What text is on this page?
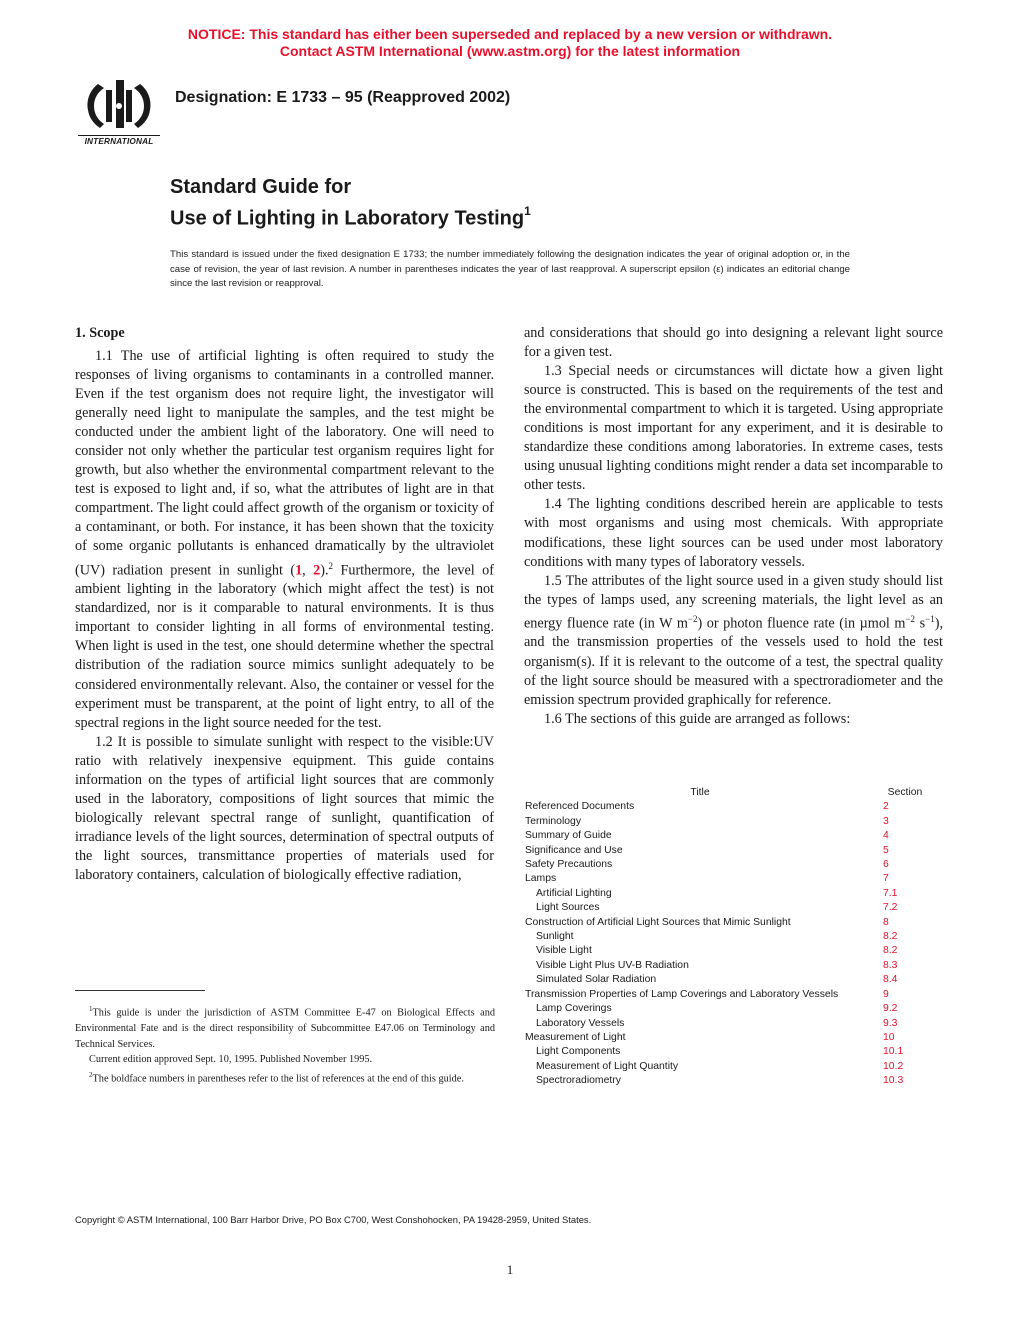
NOTICE: This standard has either been superseded and replaced by a new version or withdrawn.
Contact ASTM International (www.astm.org) for the latest information
INTERNATIONAL
Designation: E 1733 – 95 (Reapproved 2002)
Standard Guide for
Use of Lighting in Laboratory Testing$^1$
This standard is issued under the fixed designation E 1733; the number immediately following the designation indicates the year of original adoption or, in the case of revision, the year of last revision. A number in parentheses indicates the year of last reapproval. A superscript epsilon (ε) indicates an editorial change since the last revision or reapproval.
1. Scope

1.1 The use of artificial lighting is often required to study the responses of living organisms to contaminants in a controlled manner. Even if the test organism does not require light, the investigator will generally need light to manipulate the samples, and the test might be conducted under the ambient light of the laboratory. One will need to consider not only whether the particular test organism requires light for growth, but also whether the environmental compartment relevant to the test is exposed to light and, if so, what the attributes of light are in that compartment. The light could affect growth of the organism or toxicity of a contaminant, or both. For instance, it has been shown that the toxicity of some organic pollutants is enhanced dramatically by the ultraviolet (UV) radiation present in sunlight (1, 2).$^2$ Furthermore, the level of ambient lighting in the laboratory (which might affect the test) is not standardized, nor is it comparable to natural environments. It is thus important to consider lighting in all forms of environmental testing. When light is used in the test, one should determine whether the spectral distribution of the radiation source mimics sunlight adequately to be considered environmentally relevant. Also, the container or vessel for the experiment must be transparent, at the point of light entry, to all of the spectral regions in the light source needed for the test.

1.2 It is possible to simulate sunlight with respect to the visible:UV ratio with relatively inexpensive equipment. This guide contains information on the types of artificial light sources that are commonly used in the laboratory, compositions of light sources that mimic the biologically relevant spectral range of sunlight, quantification of irradiance levels of the light sources, determination of spectral outputs of the light sources, transmittance properties of materials used for laboratory containers, calculation of biologically effective radiation,

and considerations that should go into designing a relevant light source for a given test.

1.3 Special needs or circumstances will dictate how a given light source is constructed. This is based on the requirements of the test and the environmental compartment to which it is targeted. Using appropriate conditions is most important for any experiment, and it is desirable to standardize these conditions among laboratories. In extreme cases, tests using unusual lighting conditions might render a data set incomparable to other tests.

1.4 The lighting conditions described herein are applicable to tests with most organisms and using most chemicals. With appropriate modifications, these light sources can be used under most laboratory conditions with many types of laboratory vessels.

1.5 The attributes of the light source used in a given study should list the types of lamps used, any screening materials, the light level as an energy fluence rate (in W $m^{-2}$) or photon fluence rate (in µmol $m^{-2}$ $s^{-1}$), and the transmission properties of the vessels used to hold the test organism(s). If it is relevant to the outcome of a test, the spectral quality of the light source should be measured with a spectroradiometer and the emission spectrum provided graphically for reference.

1.6 The sections of this guide are arranged as follows:

Title	Section
Referenced Documents	2
Terminology	3
Summary of Guide	4
Significance and Use	5
Safety Precautions	6
Lamps	7
Artificial Lighting	7.1
Light Sources	7.2
Construction of Artificial Light Sources that Mimic Sunlight	8
Sunlight	8.2
Visible Light	8.2
Visible Light Plus UV-B Radiation	8.3
Simulated Solar Radiation	8.4
Transmission Properties of Lamp Coverings and Laboratory Vessels	9
Lamp Coverings	9.2
Laboratory Vessels	9.3
Measurement of Light	10
Light Components	10.1
Measurement of Light Quantity	10.2
Spectroradiometry	10.3

$^1$This guide is under the jurisdiction of ASTM Committee E-47 on Biological Effects and Environmental Fate and is the direct responsibility of Subcommittee E47.06 on Terminology and Technical Services.

Current edition approved Sept. 10, 1995. Published November 1995.

$^2$The boldface numbers in parentheses refer to the list of references at the end of this guide.

Copyright © ASTM International, 100 Barr Harbor Drive, PO Box C700, West Conshohocken, PA 19428-2959, United States.
1
